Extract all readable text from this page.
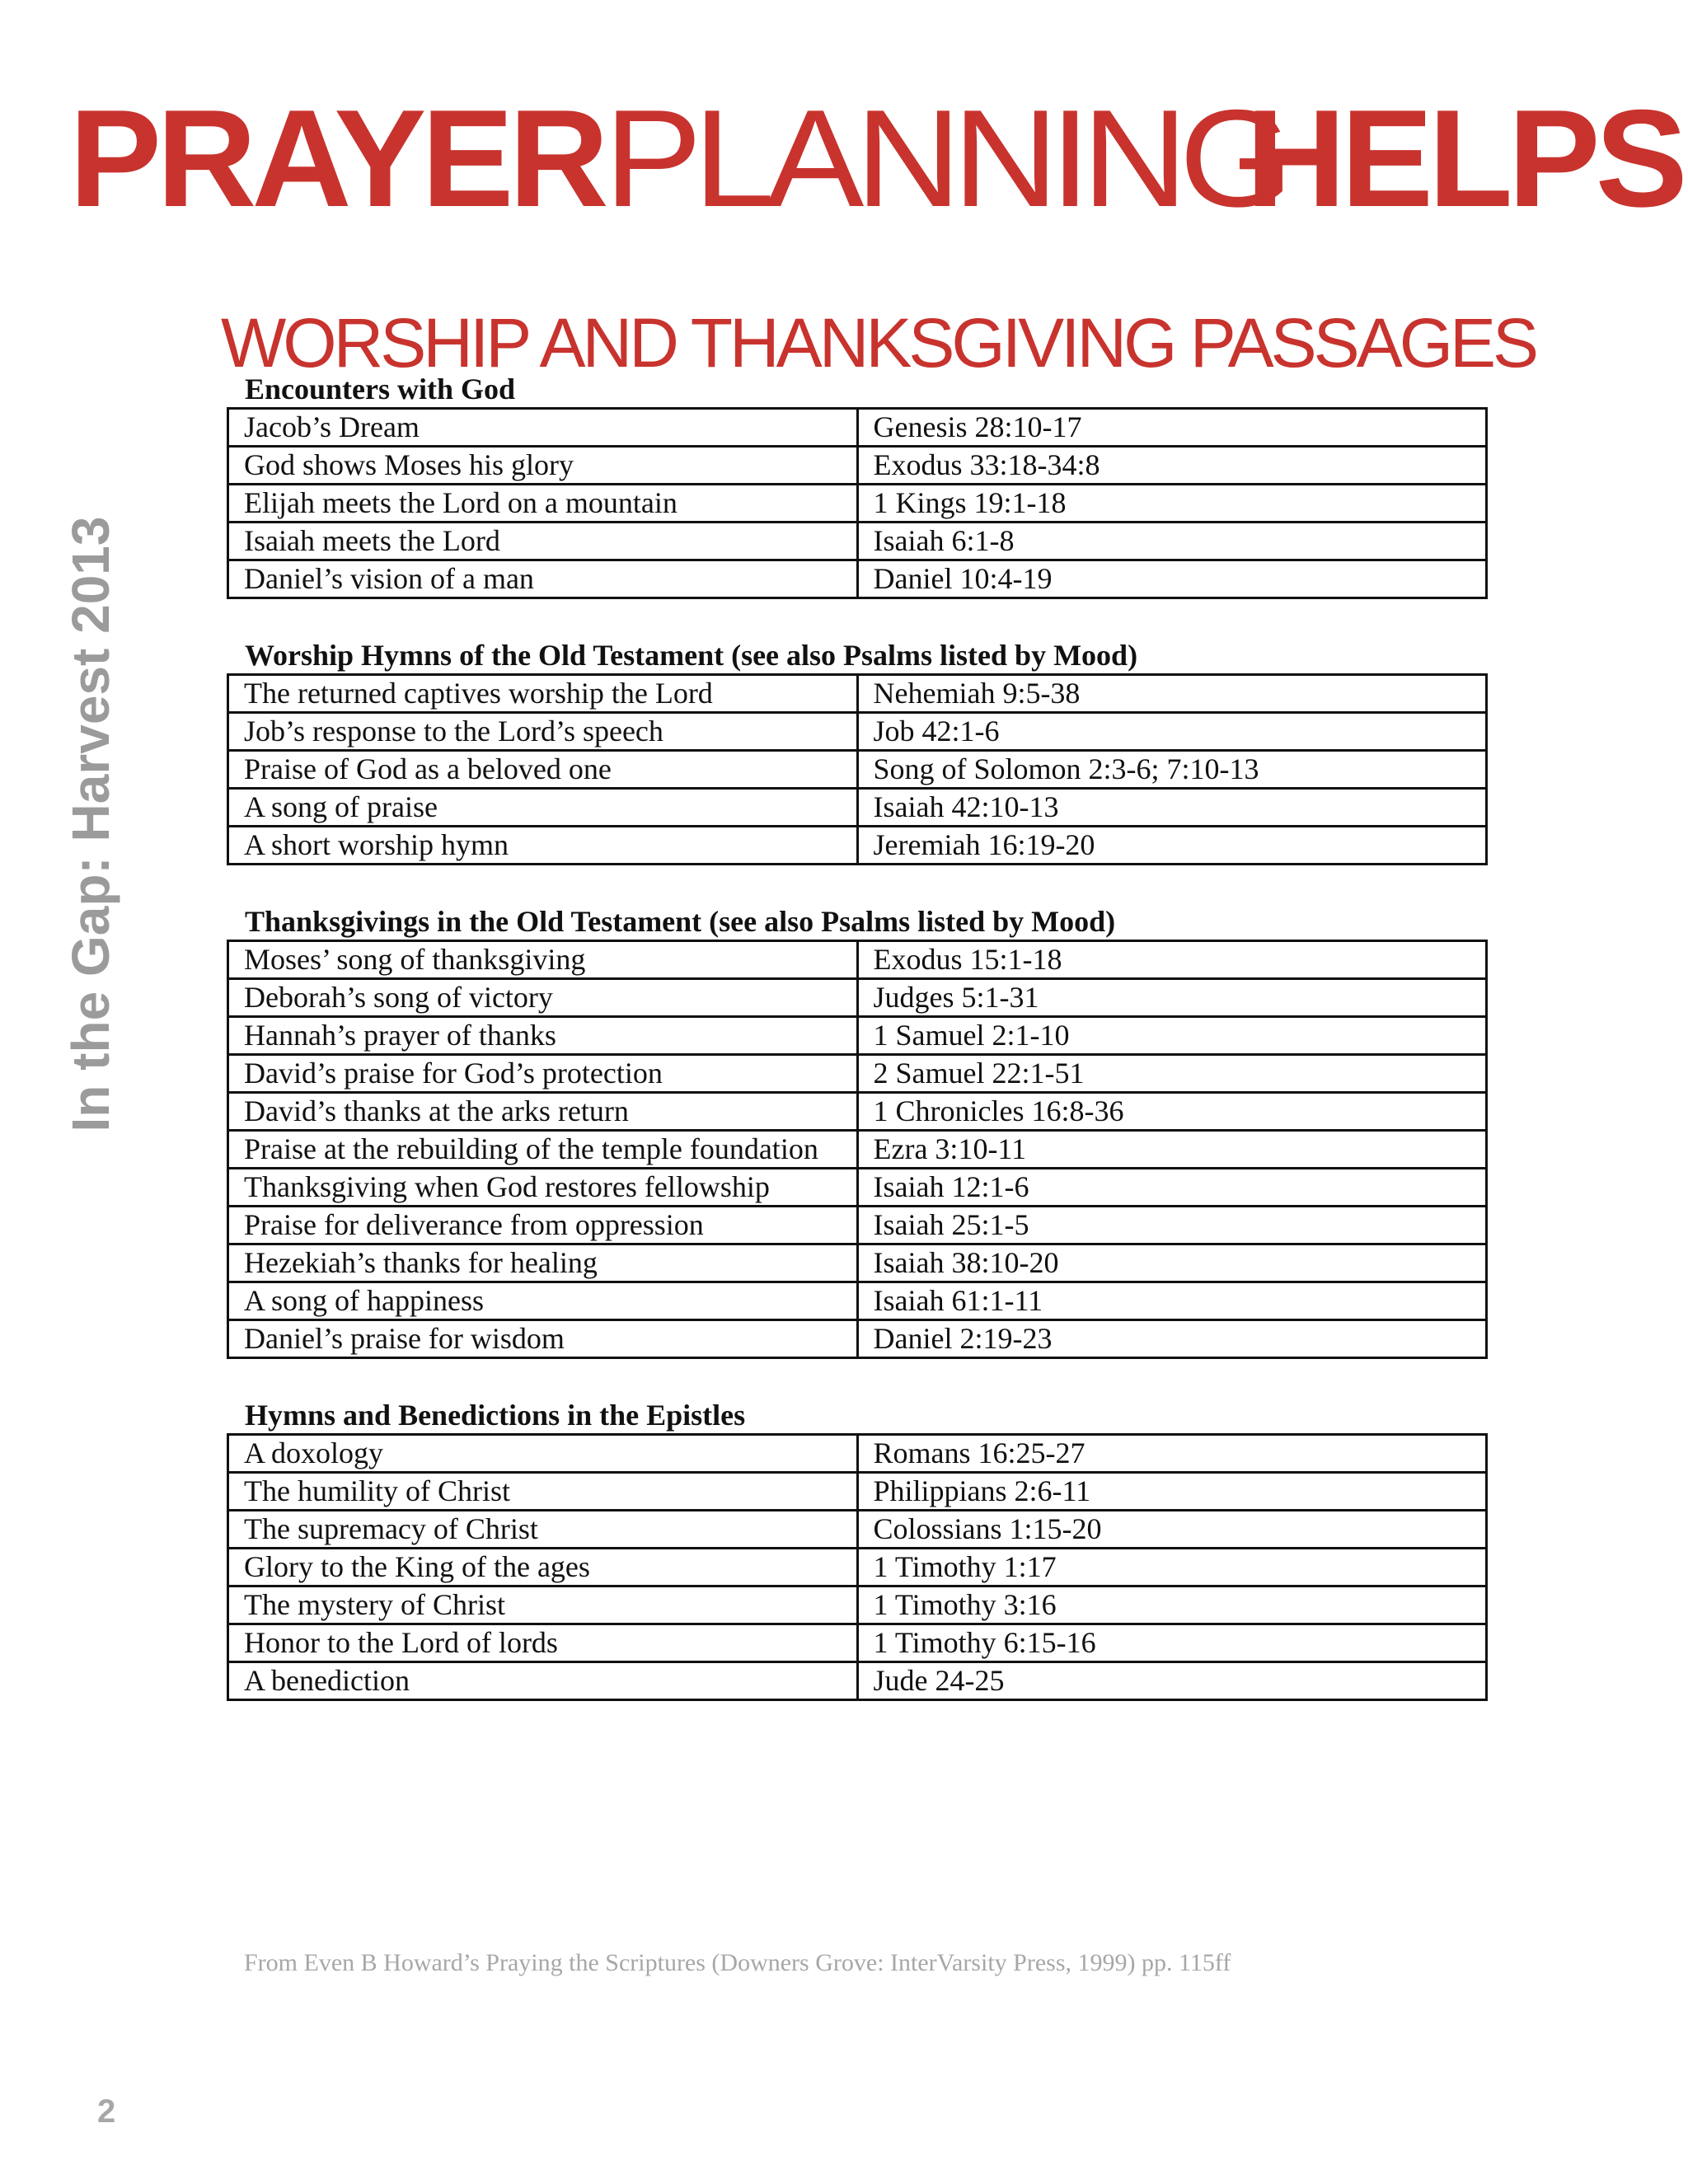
PRAYERPLANNINGHELPS
In the Gap: Harvest 2013
WORSHIP AND THANKSGIVING PASSAGES
Encounters with God
Jacob’s Dream	Genesis 28:10-17
God shows Moses his glory	Exodus 33:18-34:8
Elijah meets the Lord on a mountain	1 Kings 19:1-18
Isaiah meets the Lord	Isaiah 6:1-8
Daniel’s vision of a man	Daniel 10:4-19
Worship Hymns of the Old Testament (see also Psalms listed by Mood)
The returned captives worship the Lord	Nehemiah 9:5-38
Job’s response to the Lord’s speech	Job 42:1-6
Praise of God as a beloved one	Song of Solomon 2:3-6; 7:10-13
A song of praise	Isaiah 42:10-13
A short worship hymn	Jeremiah 16:19-20
Thanksgivings in the Old Testament (see also Psalms listed by Mood)
Moses’ song of thanksgiving	Exodus 15:1-18
Deborah’s song of victory	Judges 5:1-31
Hannah’s prayer of thanks	1 Samuel 2:1-10
David’s praise for God’s protection	2 Samuel 22:1-51
David’s thanks at the arks return	1 Chronicles 16:8-36
Praise at the rebuilding of the temple foundation	Ezra 3:10-11
Thanksgiving when God restores fellowship	Isaiah 12:1-6
Praise for deliverance from oppression	Isaiah 25:1-5
Hezekiah’s thanks for healing	Isaiah 38:10-20
A song of happiness	Isaiah 61:1-11
Daniel’s praise for wisdom	Daniel 2:19-23
Hymns and Benedictions in the Epistles
A doxology	Romans 16:25-27
The humility of Christ	Philippians 2:6-11
The supremacy of Christ	Colossians 1:15-20
Glory to the King of the ages	1 Timothy 1:17
The mystery of Christ	1 Timothy 3:16
Honor to the Lord of lords	1 Timothy 6:15-16
A benediction	Jude 24-25
From Even B Howard’s Praying the Scriptures (Downers Grove: InterVarsity Press, 1999) pp. 115ff
2
